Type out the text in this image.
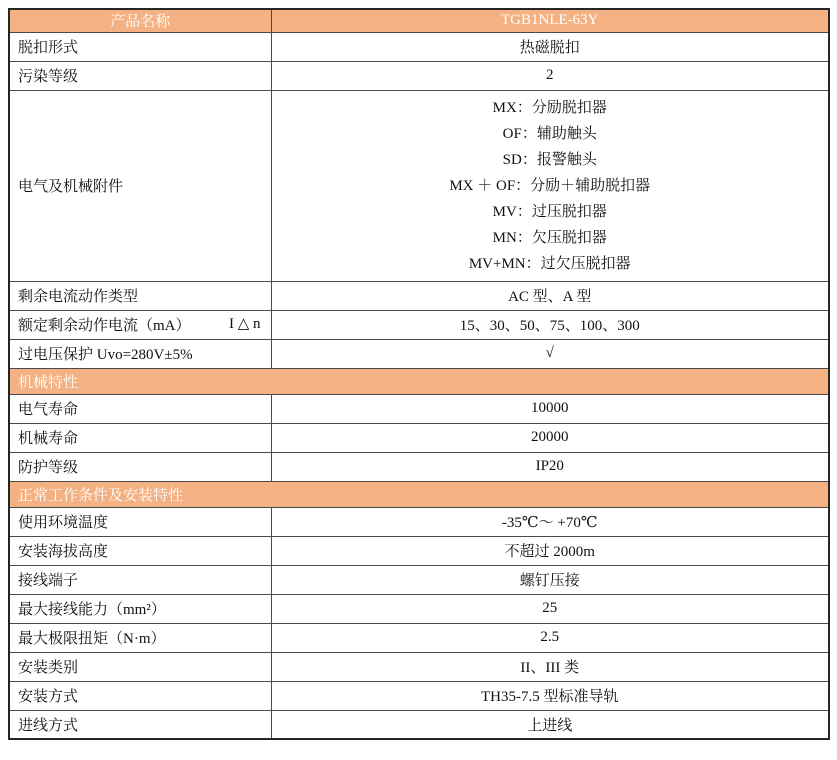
产品名称	TGB1NLE-63Y
脱扣形式	热磁脱扣
污染等级	2
电气及机械附件	
MX：分励脱扣器
OF：辅助触头
SD：报警触头
MX ＋ OF：分励＋辅助脱扣器
MV：过压脱扣器
MN：欠压脱扣器
MV+MN：过欠压脱扣器

剩余电流动作类型	AC 型、A 型
额定剩余动作电流（mA） I △ n	15、30、50、75、100、300
过电压保护 Uvo=280V±5%	√
机械特性	
电气寿命	10000
机械寿命	20000
防护等级	IP20
正常工作条件及安装特性	
使用环境温度	-35℃～ +70℃
安装海拔高度	不超过 2000m
接线端子	螺钉压接
最大接线能力（mm²）	25
最大极限扭矩（N·m）	2.5
安装类别	II、III 类
安装方式	TH35-7.5 型标准导轨
进线方式	上进线
